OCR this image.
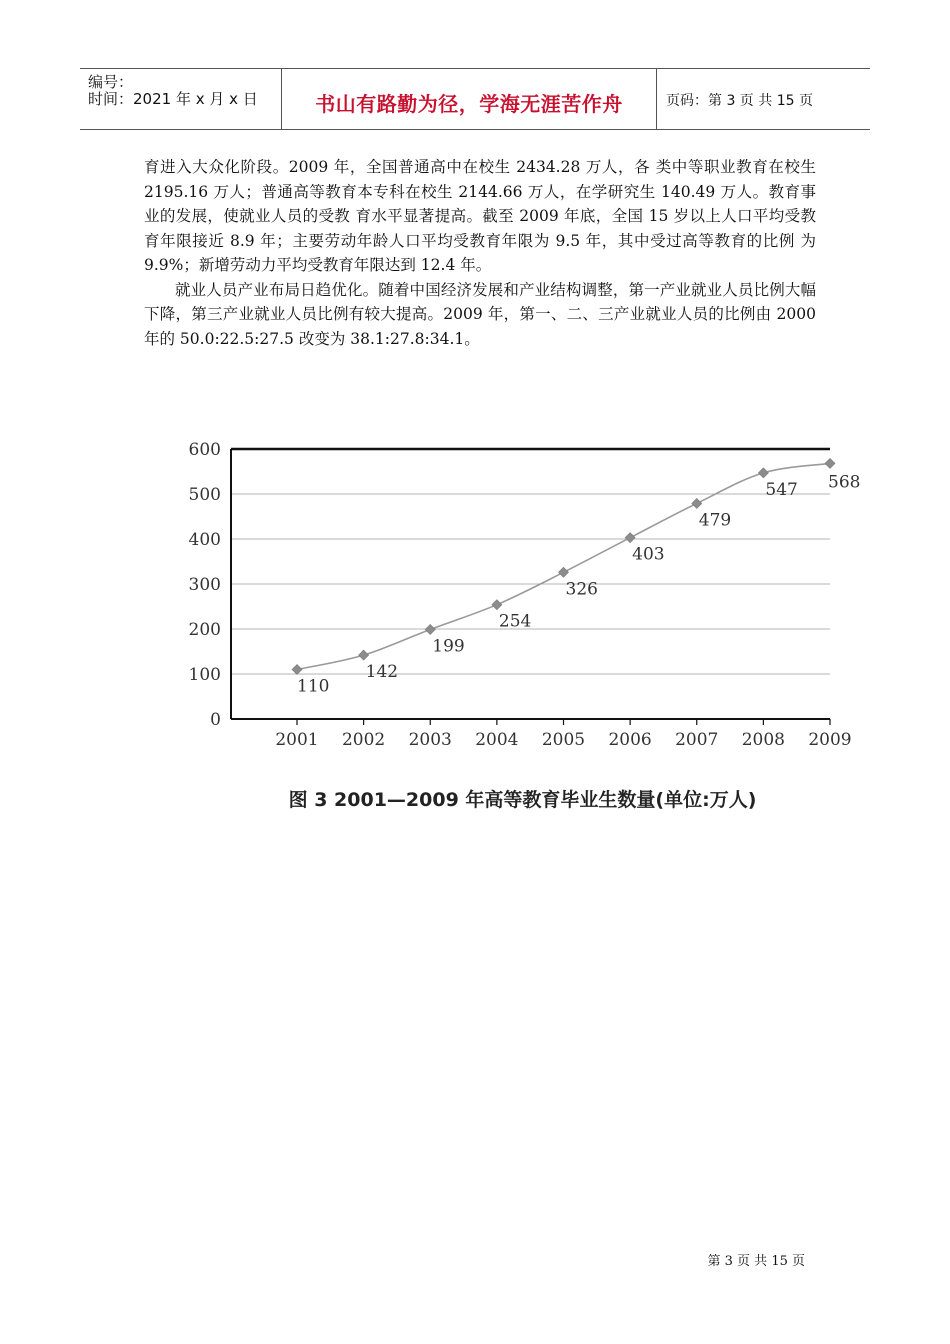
编号：
时间：2021 年 x 月 x 日	书山有路勤为径，学海无涯苦作舟	页码：第 3 页 共 15 页

育进入大众化阶段。2009 年，全国普通高中在校生 2434.28 万人，各 类中等职业教育在校生 2195.16 万人；普通高等教育本专科在校生 2144.66 万人，在学研究生 140.49 万人。教育事业的发展，使就业人员的受教 育水平显著提高。截至 2009 年底，全国 15 岁以上人口平均受教育年限接近 8.9 年；主要劳动年龄人口平均受教育年限为 9.5 年，其中受过高等教育的比例 为 9.9%；新增劳动力平均受教育年限达到 12.4 年。

就业人员产业布局日趋优化。随着中国经济发展和产业结构调整，第一产业就业人员比例大幅下降，第三产业就业人员比例有较大提高。2009 年，第一、二、三产业就业人员的比例由 2000 年的 50.0:22.5:27.5 改变为 38.1:27.8:34.1。

0
100
200
300
400
500
600
2001 2002 2003 2004 2005 2006 2007 2008 2009
110
142
199
254
326
403
479
547 568
图 3 2001—2009 年高等教育毕业生数量(单位:万人)
第 3 页 共 15 页
